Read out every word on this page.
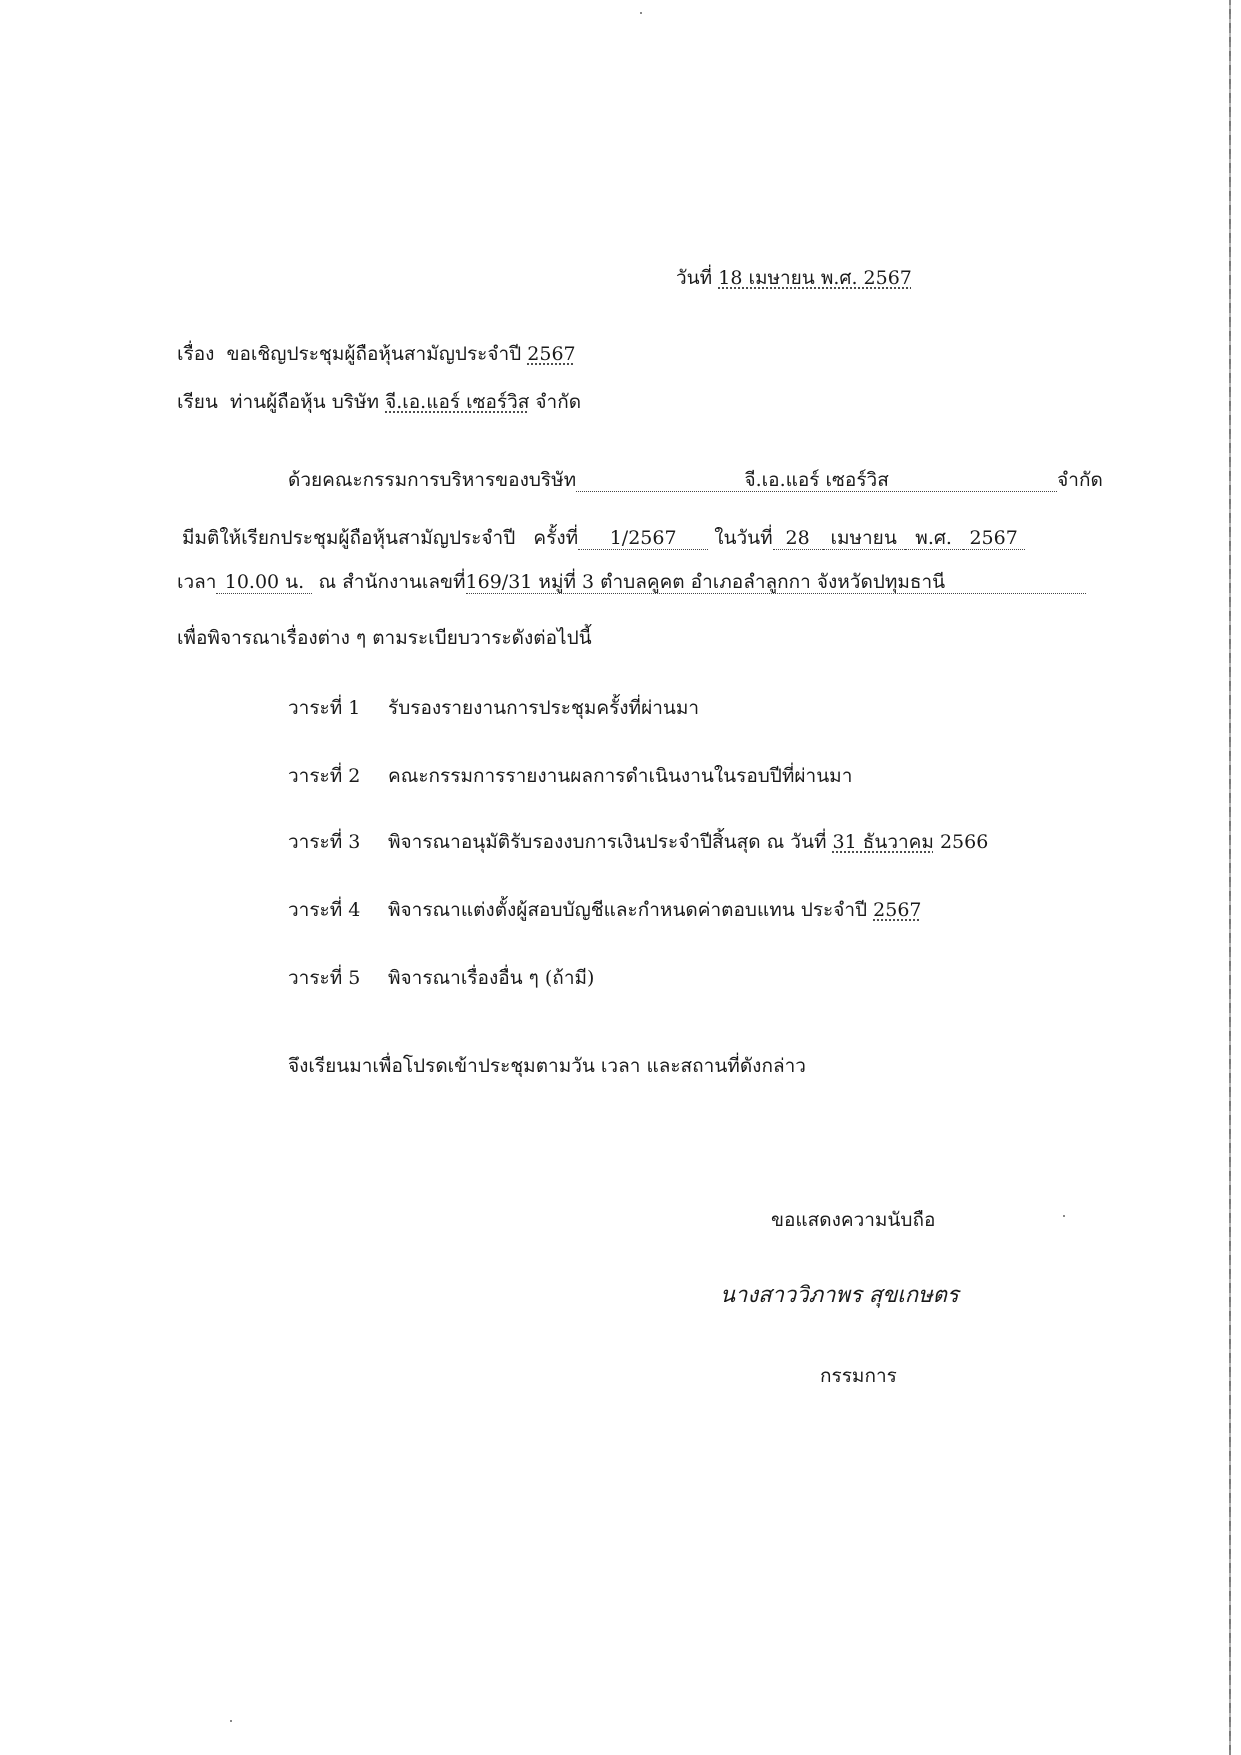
วันที่ 18 เมษายน พ.ศ. 2567
เรื่อง ขอเชิญประชุมผู้ถือหุ้นสามัญประจำปี 2567
เรียน ท่านผู้ถือหุ้น บริษัท จี.เอ.แอร์ เซอร์วิส จำกัด
ด้วยคณะกรรมการบริหารของบริษัท	จี.เอ.แอร์ เซอร์วิส	จำกัด
มีมติให้เรียกประชุมผู้ถือหุ้นสามัญประจำปี ครั้งที่ 1/2567 ในวันที่ 28 เมษายน พ.ศ. 2567
เวลา 10.00 น. ณ สำนักงานเลขที่169/31 หมู่ที่ 3 ตำบลคูคต อำเภอลำลูกกา จังหวัดปทุมธานี
เพื่อพิจารณาเรื่องต่าง ๆ ตามระเบียบวาระดังต่อไปนี้
วาระที่ 1 รับรองรายงานการประชุมครั้งที่ผ่านมา
วาระที่ 2 คณะกรรมการรายงานผลการดำเนินงานในรอบปีที่ผ่านมา
วาระที่ 3 พิจารณาอนุมัติรับรองงบการเงินประจำปีสิ้นสุด ณ วันที่ 31 ธันวาคม 2566
วาระที่ 4 พิจารณาแต่งตั้งผู้สอบบัญชีและกำหนดค่าตอบแทน ประจำปี 2567
วาระที่ 5 พิจารณาเรื่องอื่น ๆ (ถ้ามี)
จึงเรียนมาเพื่อโปรดเข้าประชุมตามวัน เวลา และสถานที่ดังกล่าว
ขอแสดงความนับถือ
นางสาววิภาพร สุขเกษตร
กรรมการ
